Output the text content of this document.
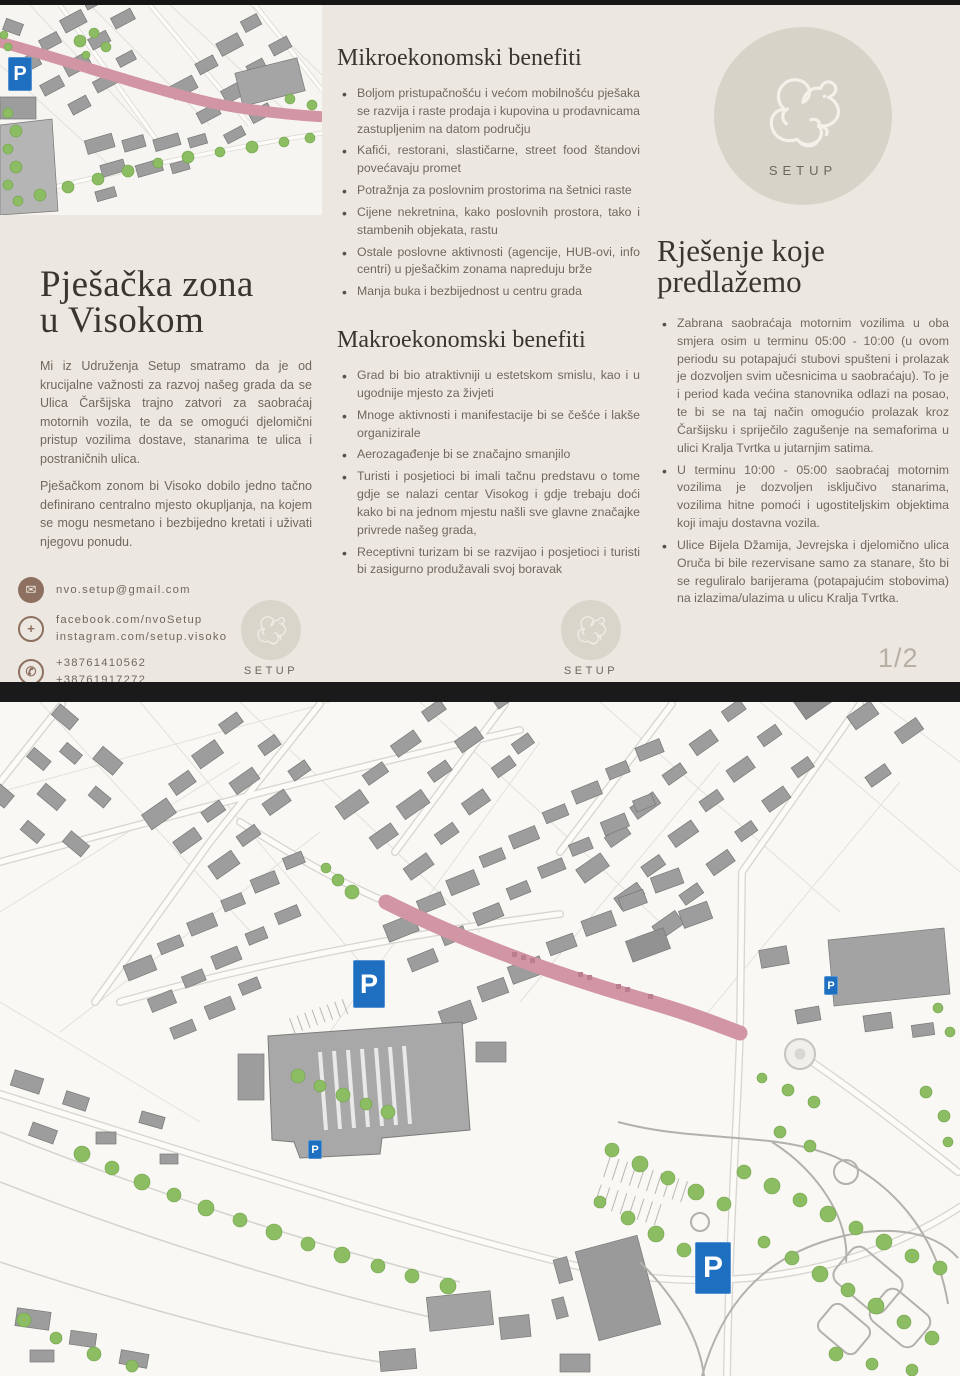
P
Pješačka zona
u Visokom

Mi iz Udruženja Setup smatramo da je od krucijalne važnosti za razvoj našeg grada da se Ulica Čaršijska trajno zatvori za saobraćaj motornih vozila, te da se omogući djelomični pristup vozilima dostave, stanarima te ulica i postraničnih ulica.

Pješačkom zonom bi Visoko dobilo jedno tačno definirano centralno mjesto okupljanja, na kojem se mogu nesmetano i bezbijedno kretati i uživati njegovu ponudu.

✉	nvo.setup@gmail.com
+
facebook.com/nvoSetup
instagram.com/setup.visoko
✆
+38761410562
+38761917272
Mikroekonomski benefiti
• Boljom pristupačnošću i većom mobilnošću pješaka se razvija i raste prodaja i kupovina u prodavnicama zastupljenim na datom području
• Kafići, restorani, slastičarne, street food štandovi povećavaju promet
• Potražnja za poslovnim prostorima na šetnici raste
• Cijene nekretnina, kako poslovnih prostora, tako i stambenih objekata, rastu
• Ostale poslovne aktivnosti (agencije, HUB-ovi, info centri) u pješačkim zonama napreduju brže
• Manja buka i bezbijednost u centru grada
Makroekonomski benefiti
• Grad bi bio atraktivniji u estetskom smislu, kao i u ugodnije mjesto za živjeti
• Mnoge aktivnosti i manifestacije bi se češće i lakše organizirale
• Aerozagađenje bi se značajno smanjilo
• Turisti i posjetioci bi imali tačnu predstavu o tome gdje se nalazi centar Visokog i gdje trebaju doći kako bi na jednom mjestu našli sve glavne značajke privrede našeg grada,
• Receptivni turizam bi se razvijao i posjetioci i turisti bi zasigurno produžavali svoj boravak
SETUP
Rješenje koje
predlažemo
• Zabrana saobraćaja motornim vozilima u oba smjera osim u terminu 05:00 - 10:00 (u ovom periodu su potapajući stubovi spušteni i prolazak je dozvoljen svim učesnicima u saobraćaju). To je i period kada većina stanovnika odlazi na posao, te bi se na taj način omogućio prolazak kroz Čaršijsku i spriječilo zagušenje na semaforima u ulici Kralja Tvrtka u jutarnjim satima.
• U terminu 10:00 - 05:00 saobraćaj motornim vozilima je dozvoljen isključivo stanarima, vozilima hitne pomoći i ugostiteljskim objektima koji imaju dostavna vozila.
• Ulice Bijela Džamija, Jevrejska i djelomično ulica Oruča bi bile rezervisane samo za stanare, što bi se reguliralo barijerama (potapajućim stobovima) na izlazima/ulazima u ulicu Kralja Tvrtka.
1/2
SETUP	SETUP
P
P
P
P
